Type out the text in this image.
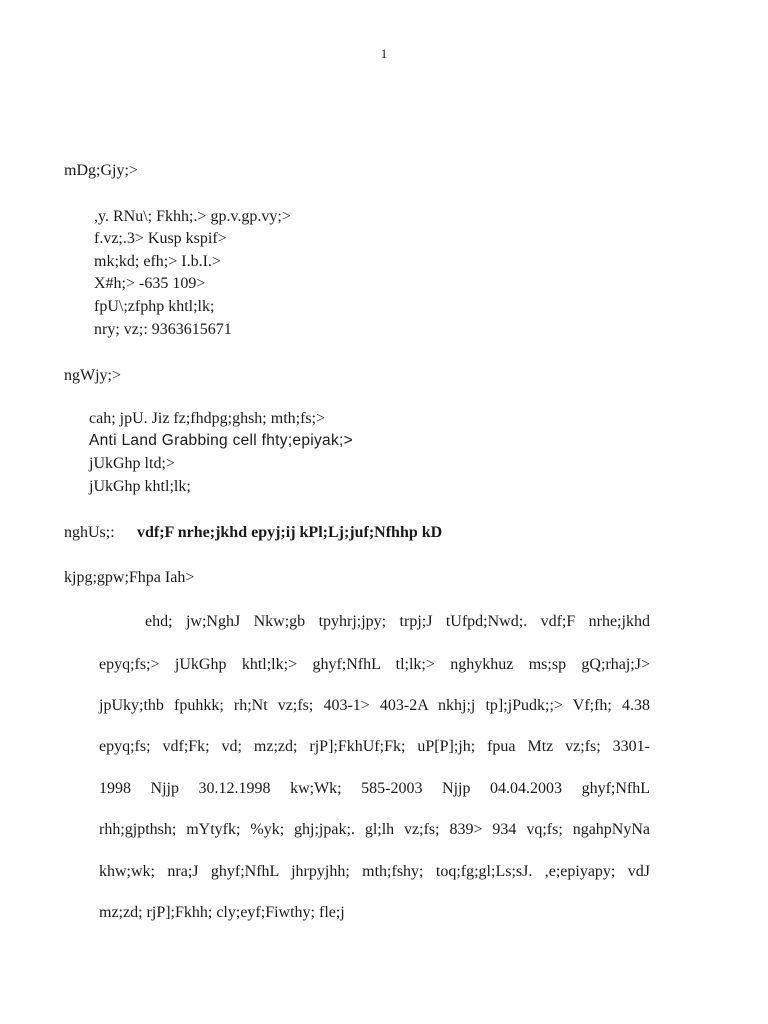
1
mDg;Gjy;>
,y. RNu\; Fkhh;.> gp.v.gp.vy;>
f.vz;.3> Kusp kspif>
mk;kd; efh;> I.b.I.>
X#h;> -635 109>
fpU\;zfphp khtl;lk;
nry; vz;: 9363615671
ngWjy;>
cah; jpU. Jiz fz;fhdpg;ghsh; mth;fs;>
Anti Land Grabbing cell fhty;epiyak;>
jUkGhp ltd;>
jUkGhp khtl;lk;
nghUs;: vdf;F nrhe;jkhd epyj;ij kPl;Lj;juf;Nfhhp kD
kjpg;gpw;Fhpa Iah>
ehd; jw;NghJ Nkw;gb tpyhrj;jpy; trpj;J tUfpd;Nwd;. vdf;F nrhe;jkhd
epyq;fs;> jUkGhp khtl;lk;> ghyf;NfhL tl;lk;> nghykhuz ms;sp gQ;rhaj;J>
jpUky;thb fpuhkk; rh;Nt vz;fs; 403-1> 403-2A nkhj;j tp];jPudk;;> Vf;fh; 4.38
epyq;fs; vdf;Fk; vd; mz;zd; rjP];FkhUf;Fk; uP[P];jh; fpua Mtz vz;fs; 3301-
1998 Njjp 30.12.1998 kw;Wk; 585-2003 Njjp 04.04.2003 ghyf;NfhL
rhh;gjpthsh; mYtyfk; %yk; ghj;jpak;. gl;lh vz;fs; 839> 934 vq;fs; ngahpNyNa
khw;wk; nra;J ghyf;NfhL jhrpyjhh; mth;fshy; toq;fg;gl;Ls;sJ. ,e;epiyapy; vdJ
mz;zd; rjP];Fkhh; cly;eyf;Fiwthy; fle;j
